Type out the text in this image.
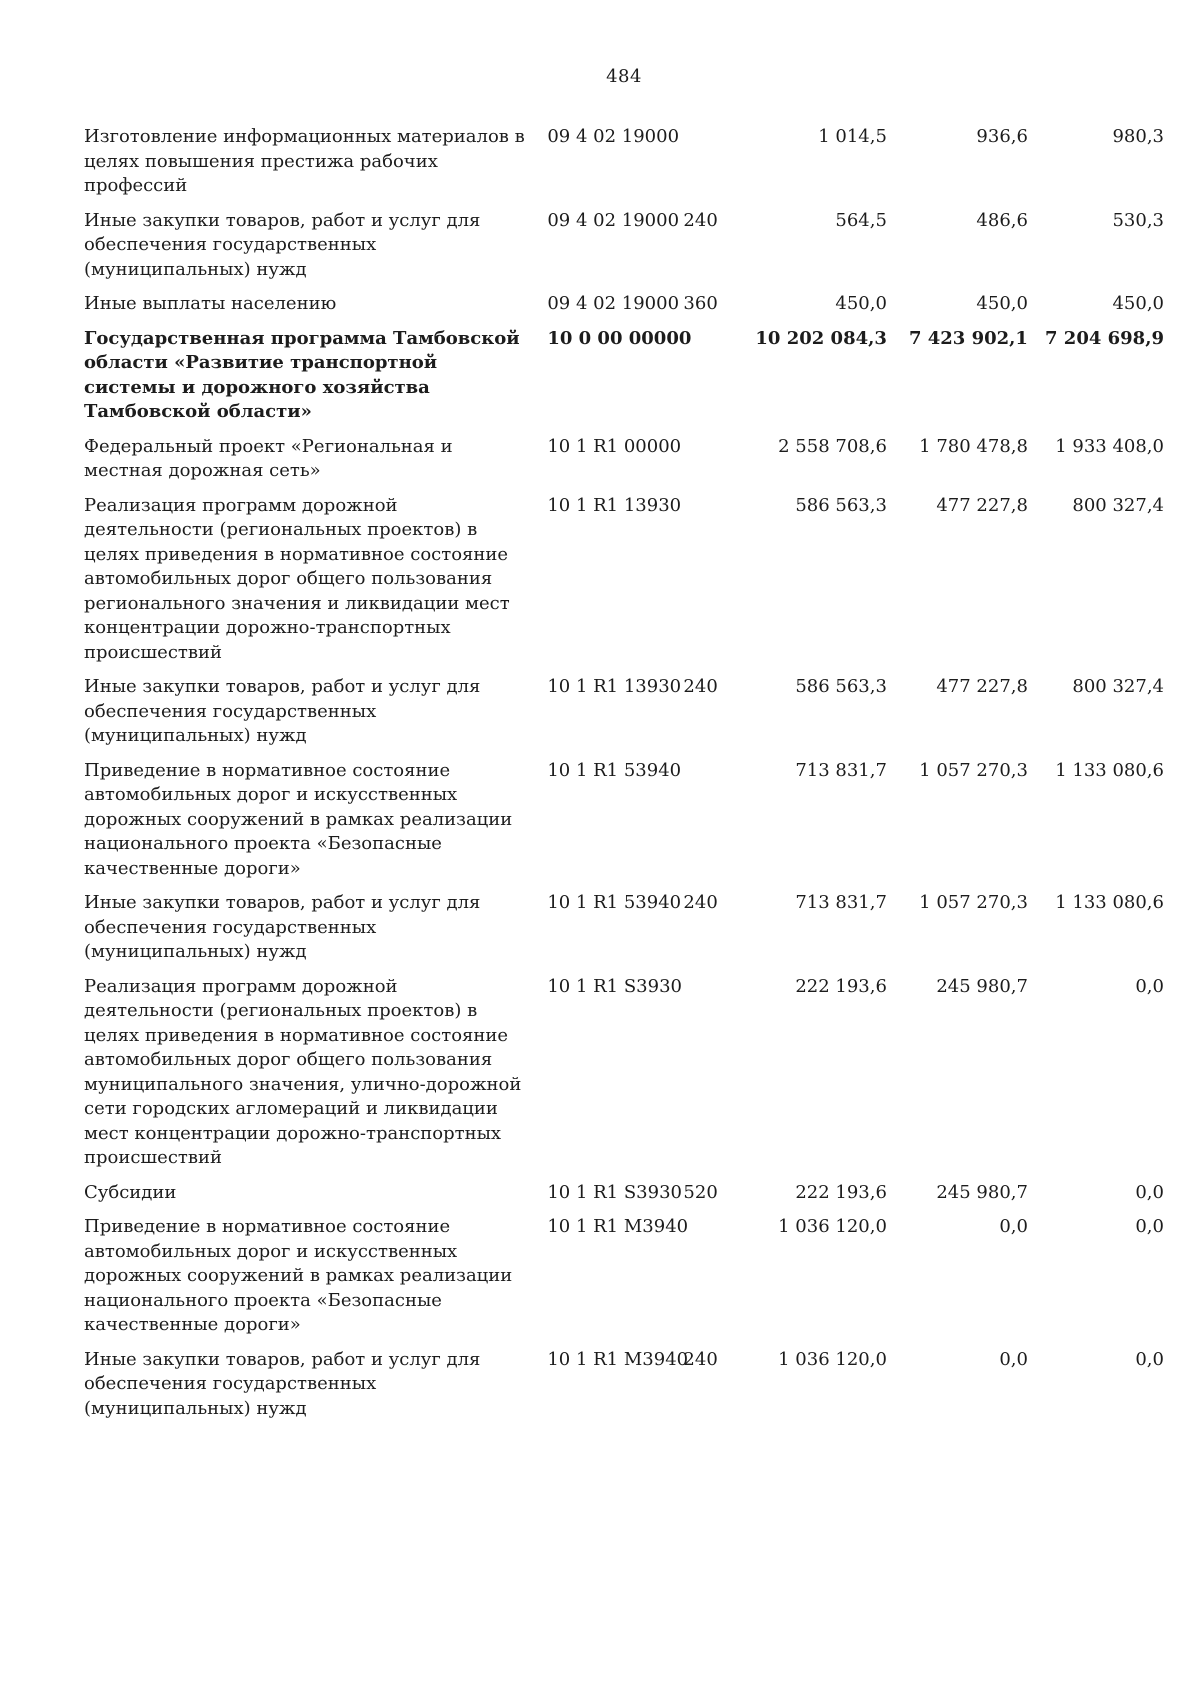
484
Изготовление информационных материалов в целях повышения престижа рабочих профессий	09 4 02 19000		1 014,5	936,6	980,3
Иные закупки товаров, работ и услуг для обеспечения государственных (муниципальных) нужд	09 4 02 19000	240	564,5	486,6	530,3
Иные выплаты населению	09 4 02 19000	360	450,0	450,0	450,0
Государственная программа Тамбовской области «Развитие транспортной системы и дорожного хозяйства Тамбовской области»	10 0 00 00000		10 202 084,3	7 423 902,1	7 204 698,9
Федеральный проект «Региональная и местная дорожная сеть»	10 1 R1 00000		2 558 708,6	1 780 478,8	1 933 408,0
Реализация программ дорожной деятельности (региональных проектов) в целях приведения в нормативное состояние автомобильных дорог общего пользования регионального значения и ликвидации мест концентрации дорожно-транспортных происшествий	10 1 R1 13930		586 563,3	477 227,8	800 327,4
Иные закупки товаров, работ и услуг для обеспечения государственных (муниципальных) нужд	10 1 R1 13930	240	586 563,3	477 227,8	800 327,4
Приведение в нормативное состояние автомобильных дорог и искусственных дорожных сооружений в рамках реализации национального проекта «Безопасные качественные дороги»	10 1 R1 53940		713 831,7	1 057 270,3	1 133 080,6
Иные закупки товаров, работ и услуг для обеспечения государственных (муниципальных) нужд	10 1 R1 53940	240	713 831,7	1 057 270,3	1 133 080,6
Реализация программ дорожной деятельности (региональных проектов) в целях приведения в нормативное состояние автомобильных дорог общего пользования муниципального значения, улично-дорожной сети городских агломераций и ликвидации мест концентрации дорожно-транспортных происшествий	10 1 R1 S3930		222 193,6	245 980,7	0,0
Субсидии	10 1 R1 S3930	520	222 193,6	245 980,7	0,0
Приведение в нормативное состояние автомобильных дорог и искусственных дорожных сооружений в рамках реализации национального проекта «Безопасные качественные дороги»	10 1 R1 M3940		1 036 120,0	0,0	0,0
Иные закупки товаров, работ и услуг для обеспечения государственных (муниципальных) нужд	10 1 R1 M3940	240	1 036 120,0	0,0	0,0
